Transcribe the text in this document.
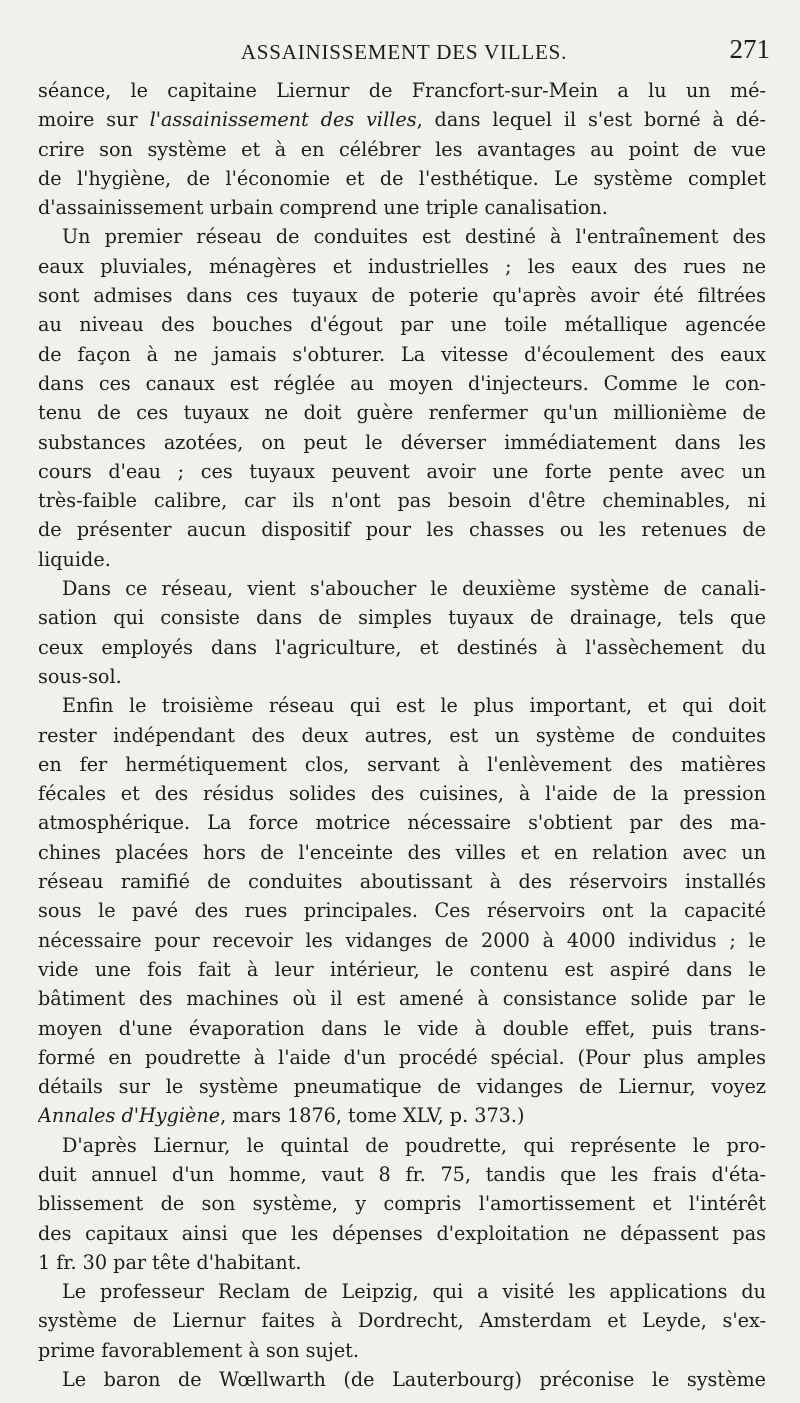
ASSAINISSEMENT DES VILLES.	271
séance, le capitaine Liernur de Francfort-sur-Mein a lu un mé-
moire sur l'assainissement des villes, dans lequel il s'est borné à dé-
crire son système et à en célébrer les avantages au point de vue
de l'hygiène, de l'économie et de l'esthétique. Le système complet
d'assainissement urbain comprend une triple canalisation.
Un premier réseau de conduites est destiné à l'entraînement des
eaux pluviales, ménagères et industrielles ; les eaux des rues ne
sont admises dans ces tuyaux de poterie qu'après avoir été filtrées
au niveau des bouches d'égout par une toile métallique agencée
de façon à ne jamais s'obturer. La vitesse d'écoulement des eaux
dans ces canaux est réglée au moyen d'injecteurs. Comme le con-
tenu de ces tuyaux ne doit guère renfermer qu'un millionième de
substances azotées, on peut le déverser immédiatement dans les
cours d'eau ; ces tuyaux peuvent avoir une forte pente avec un
très-faible calibre, car ils n'ont pas besoin d'être cheminables, ni
de présenter aucun dispositif pour les chasses ou les retenues de
liquide.
Dans ce réseau, vient s'aboucher le deuxième système de canali-
sation qui consiste dans de simples tuyaux de drainage, tels que
ceux employés dans l'agriculture, et destinés à l'assèchement du
sous-sol.
Enfin le troisième réseau qui est le plus important, et qui doit
rester indépendant des deux autres, est un système de conduites
en fer hermétiquement clos, servant à l'enlèvement des matières
fécales et des résidus solides des cuisines, à l'aide de la pression
atmosphérique. La force motrice nécessaire s'obtient par des ma-
chines placées hors de l'enceinte des villes et en relation avec un
réseau ramifié de conduites aboutissant à des réservoirs installés
sous le pavé des rues principales. Ces réservoirs ont la capacité
nécessaire pour recevoir les vidanges de 2000 à 4000 individus ; le
vide une fois fait à leur intérieur, le contenu est aspiré dans le
bâtiment des machines où il est amené à consistance solide par le
moyen d'une évaporation dans le vide à double effet, puis trans-
formé en poudrette à l'aide d'un procédé spécial. (Pour plus amples
détails sur le système pneumatique de vidanges de Liernur, voyez
Annales d'Hygiène, mars 1876, tome XLV, p. 373.)
D'après Liernur, le quintal de poudrette, qui représente le pro-
duit annuel d'un homme, vaut 8 fr. 75, tandis que les frais d'éta-
blissement de son système, y compris l'amortissement et l'intérêt
des capitaux ainsi que les dépenses d'exploitation ne dépassent pas
1 fr. 30 par tête d'habitant.
Le professeur Reclam de Leipzig, qui a visité les applications du
système de Liernur faites à Dordrecht, Amsterdam et Leyde, s'ex-
prime favorablement à son sujet.
Le baron de Wœllwarth (de Lauterbourg) préconise le système
